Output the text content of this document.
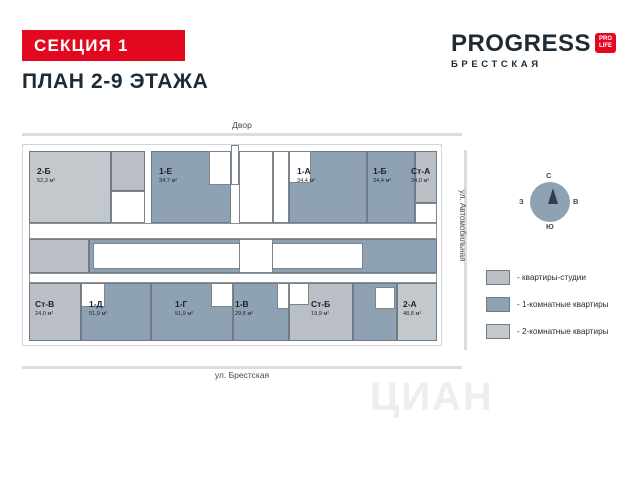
СЕКЦИЯ 1
ПЛАН 2-9 ЭТАЖА
PROGRESS PRO
LIFE
БРЕСТСКАЯ
Двор
ул. Брестская
ул. Автомобильная
2-Б
52,3 м²
1-Е
34,7 м²
1-А
34,4 м²
1-Б
34,4 м²
Ст-А
24,0 м²
Ст-В
24,0 м²
1-Д
51,9 м²
1-Г
51,9 м²
1-В
29,6 м²
Ст-Б
19,9 м²
2-А
48,8 м²
С
Ю
З	В
- квартиры-студии
- 1-комнатные квартиры
- 2-комнатные квартиры
ЦИАН
